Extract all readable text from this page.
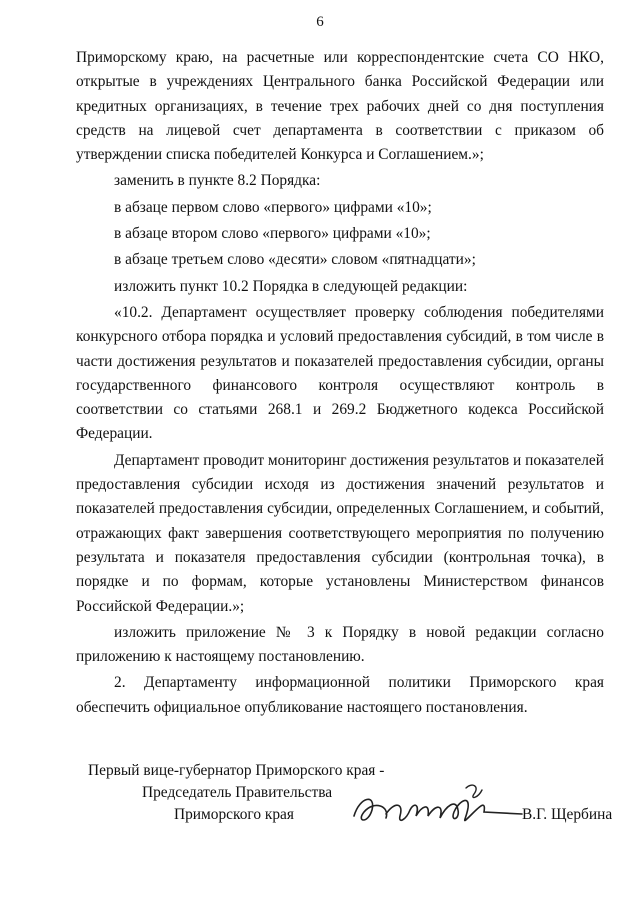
6

Приморскому краю, на расчетные или корреспондентские счета СО НКО, открытые в учреждениях Центрального банка Российской Федерации или кредитных организациях, в течение трех рабочих дней со дня поступления средств на лицевой счет департамента в соответствии с приказом об утверждении списка победителей Конкурса и Соглашением.»;

заменить в пункте 8.2 Порядка:

в абзаце первом слово «первого» цифрами «10»;

в абзаце втором слово «первого» цифрами «10»;

в абзаце третьем слово «десяти» словом «пятнадцати»;

изложить пункт 10.2 Порядка в следующей редакции:

«10.2. Департамент осуществляет проверку соблюдения победителями конкурсного отбора порядка и условий предоставления субсидий, в том числе в части достижения результатов и показателей предоставления субсидии, органы государственного финансового контроля осуществляют контроль в соответствии со статьями 268.1 и 269.2 Бюджетного кодекса Российской Федерации.

Департамент проводит мониторинг достижения результатов и показателей предоставления субсидии исходя из достижения значений результатов и показателей предоставления субсидии, определенных Соглашением, и событий, отражающих факт завершения соответствующего мероприятия по получению результата и показателя предоставления субсидии (контрольная точка), в порядке и по формам, которые установлены Министерством финансов Российской Федерации.»;

изложить приложение № 3 к Порядку в новой редакции согласно приложению к настоящему постановлению.

2. Департаменту информационной политики Приморского края обеспечить официальное опубликование настоящего постановления.

Первый вице-губернатор Приморского края -
Председатель Правительства
Приморского края	В.Г. Щербина
